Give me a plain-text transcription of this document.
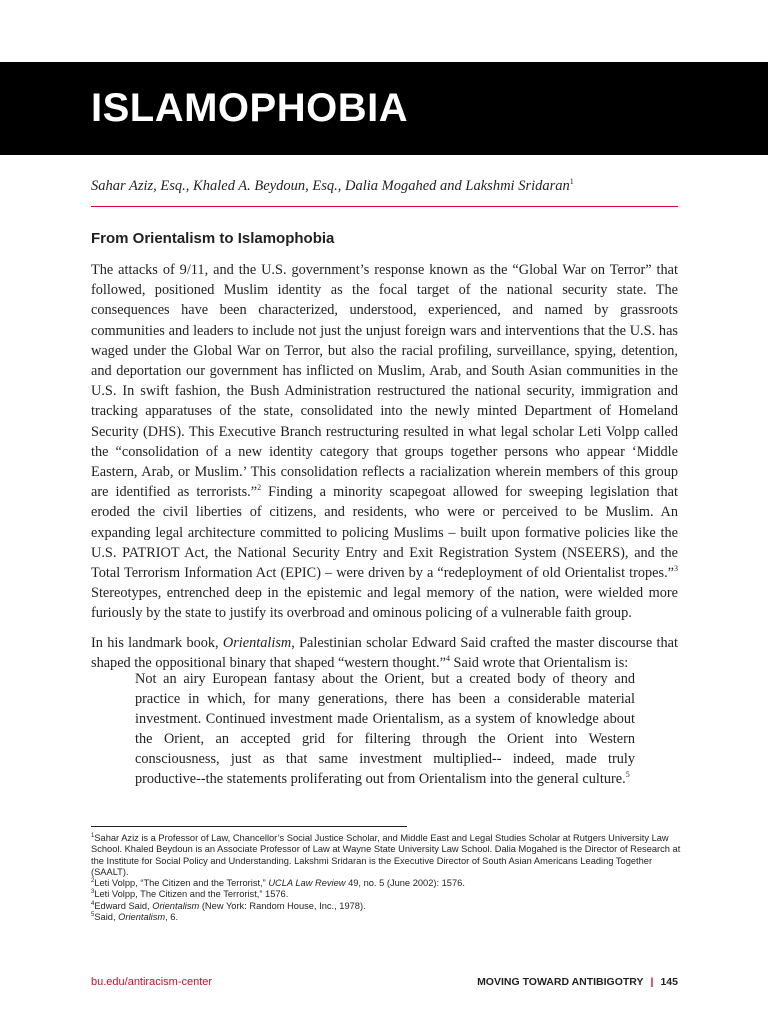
ISLAMOPHOBIA
Sahar Aziz, Esq., Khaled A. Beydoun, Esq., Dalia Mogahed and Lakshmi Sridaran$^1$
From Orientalism to Islamophobia

The attacks of 9/11, and the U.S. government’s response known as the “Global War on Terror” that followed, positioned Muslim identity as the focal target of the national security state. The consequences have been characterized, understood, experienced, and named by grassroots communities and leaders to include not just the unjust foreign wars and interventions that the U.S. has waged under the Global War on Terror, but also the racial profiling, surveillance, spying, detention, and deportation our government has inflicted on Muslim, Arab, and South Asian communities in the U.S. In swift fashion, the Bush Administration restructured the national security, immigration and tracking apparatuses of the state, consolidated into the newly minted Department of Homeland Security (DHS). This Executive Branch restructuring resulted in what legal scholar Leti Volpp called the “consolidation of a new identity category that groups together persons who appear ‘Middle Eastern, Arab, or Muslim.’ This consolidation reflects a racialization wherein members of this group are identified as terrorists.”$^2$ Finding a minority scapegoat allowed for sweeping legislation that eroded the civil liberties of citizens, and residents, who were or perceived to be Muslim. An expanding legal architecture committed to policing Muslims – built upon formative policies like the U.S. PATRIOT Act, the National Security Entry and Exit Registration System (NSEERS), and the Total Terrorism Information Act (EPIC) – were driven by a “redeployment of old Orientalist tropes.”$^3$ Stereotypes, entrenched deep in the epistemic and legal memory of the nation, were wielded more furiously by the state to justify its overbroad and ominous policing of a vulnerable faith group.

In his landmark book, Orientalism, Palestinian scholar Edward Said crafted the master discourse that shaped the oppositional binary that shaped “western thought.”$^4$ Said wrote that Orientalism is:

Not an airy European fantasy about the Orient, but a created body of theory and practice in which, for many generations, there has been a considerable material investment. Continued investment made Orientalism, as a system of knowledge about the Orient, an accepted grid for filtering through the Orient into Western consciousness, just as that same investment multiplied-- indeed, made truly productive--the statements proliferating out from Orientalism into the general culture.$^5$

$^1$Sahar Aziz is a Professor of Law, Chancellor’s Social Justice Scholar, and Middle East and Legal Studies Scholar at Rutgers University Law School. Khaled Beydoun is an Associate Professor of Law at Wayne State University Law School. Dalia Mogahed is the Director of Research at the Institute for Social Policy and Understanding. Lakshmi Sridaran is the Executive Director of South Asian Americans Leading Together (SAALT).

$^2$Leti Volpp, “The Citizen and the Terrorist,” UCLA Law Review 49, no. 5 (June 2002): 1576.

$^3$Leti Volpp, The Citizen and the Terrorist,” 1576.

$^4$Edward Said, Orientalism (New York: Random House, Inc., 1978).

$^5$Said, Orientalism, 6.

bu.edu/antiracism-center	MOVING TOWARD ANTIBIGOTRY | 145
